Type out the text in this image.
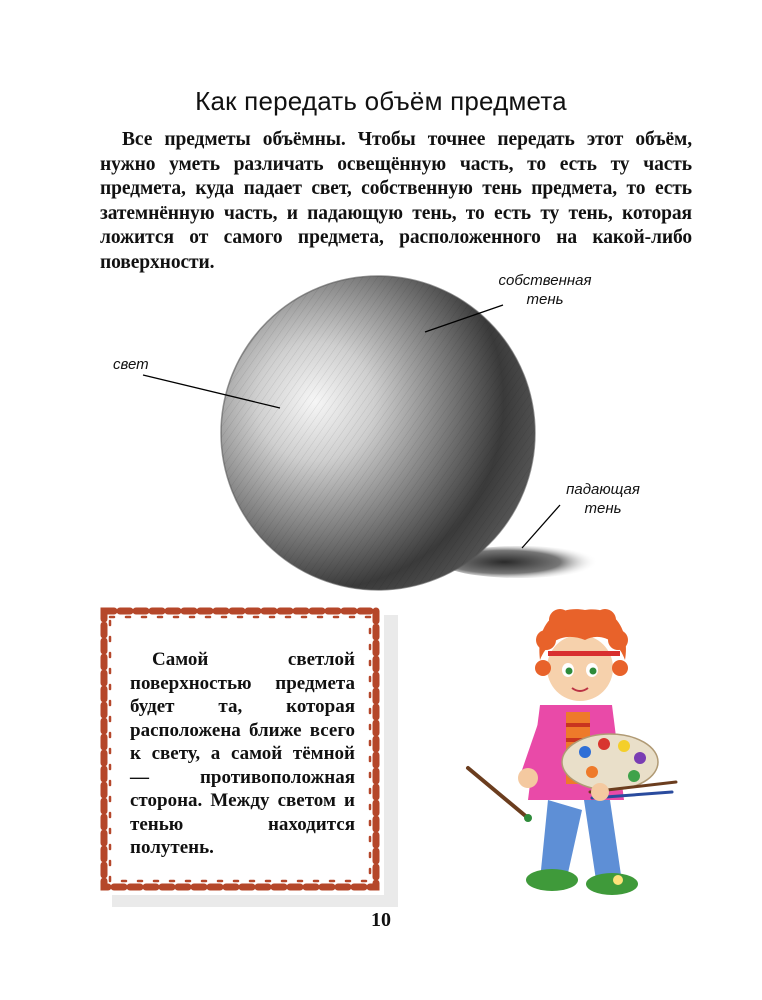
Как передать объём предмета

Все предметы объёмны. Чтобы точнее передать этот объём, нужно уметь различать освещённую часть, то есть ту часть предмета, куда падает свет, собственную тень предмета, то есть затемнённую часть, и падающую тень, то есть ту тень, которая ложится от самого предмета, расположенного на какой-либо поверхности.

свет
собственная
тень
падающая
тень

Самой светлой поверхностью предмета будет та, которая расположена ближе всего к свету, а самой тёмной — противоположная сторона. Между светом и тенью находится полутень.

10
